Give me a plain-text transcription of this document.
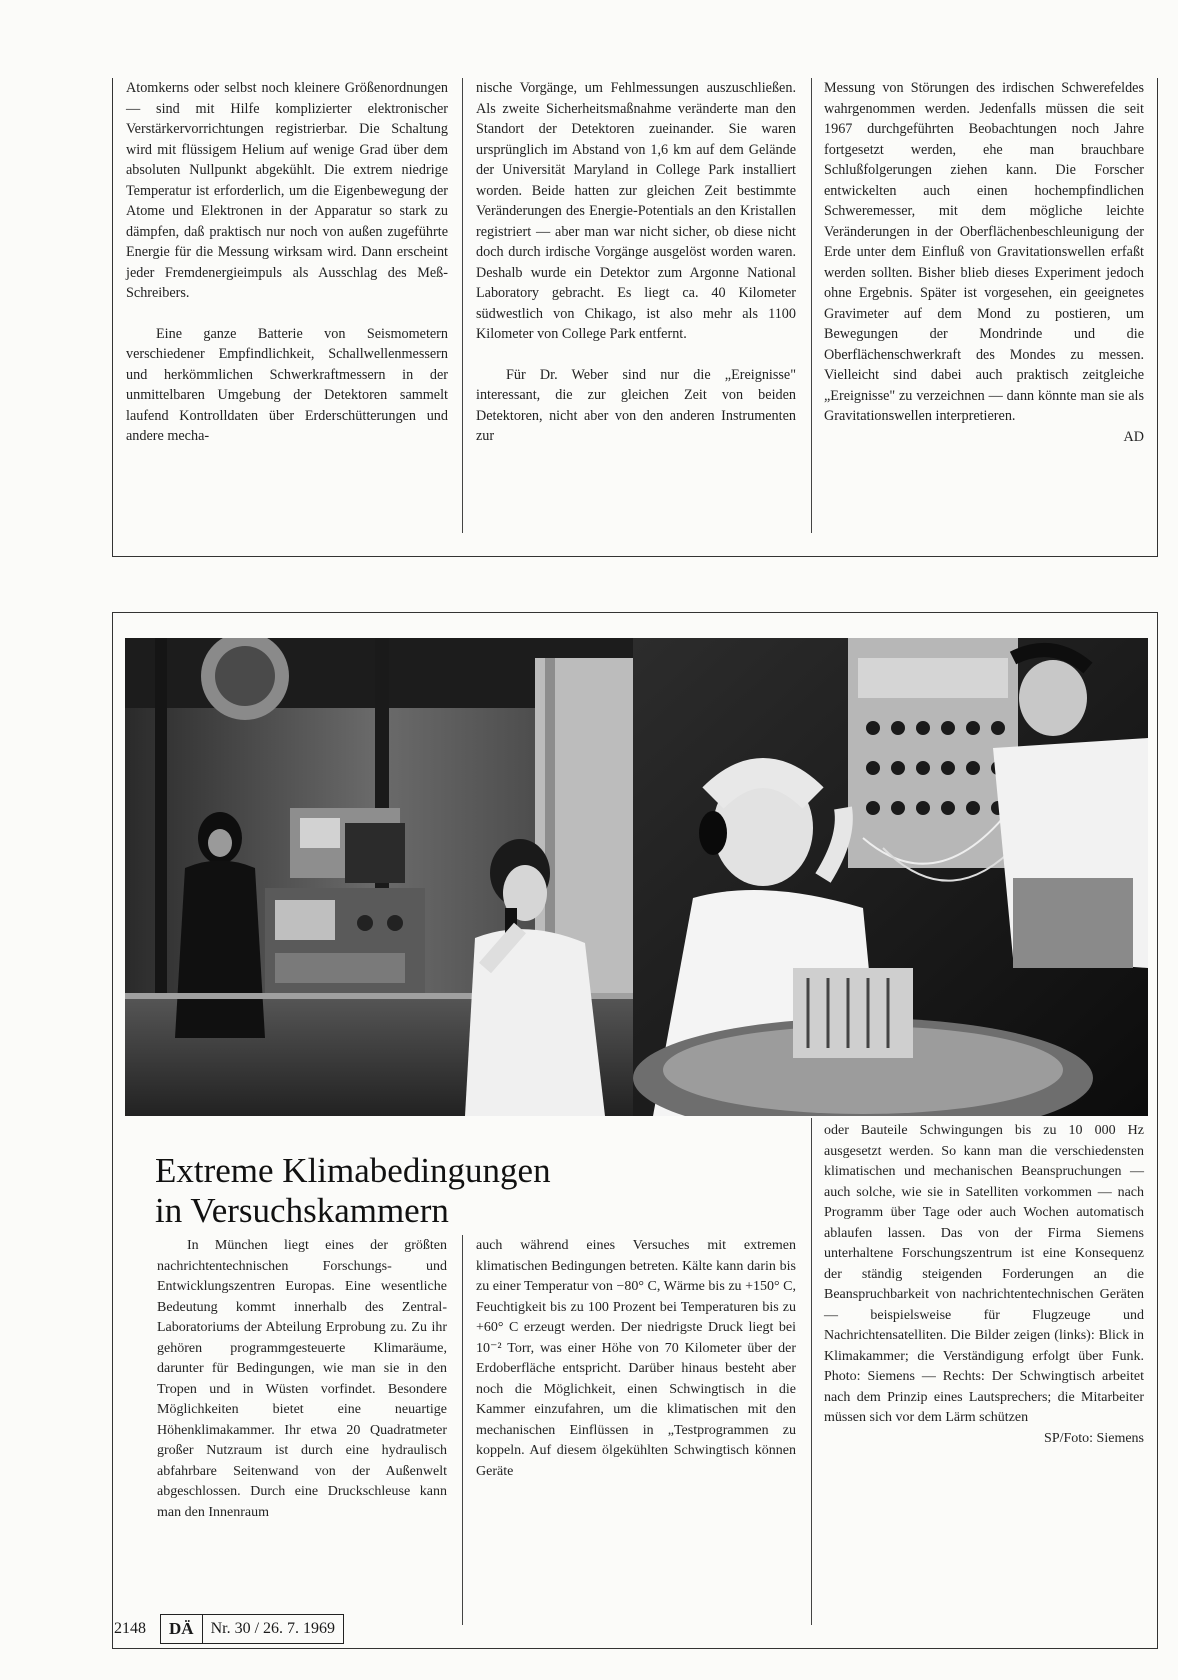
Atomkerns oder selbst noch kleinere Größenordnungen — sind mit Hilfe komplizierter elektronischer Verstärkervorrichtungen registrierbar. Die Schaltung wird mit flüssigem Helium auf wenige Grad über dem absoluten Nullpunkt abgekühlt. Die extrem niedrige Temperatur ist erforderlich, um die Eigenbewegung der Atome und Elektronen in der Apparatur so stark zu dämpfen, daß praktisch nur noch von außen zugeführte Energie für die Messung wirksam wird. Dann erscheint jeder Fremdenergieimpuls als Ausschlag des Meß-Schreibers.

Eine ganze Batterie von Seismometern verschiedener Empfindlichkeit, Schallwellenmessern und herkömmlichen Schwerkraftmessern in der unmittelbaren Umgebung der Detektoren sammelt laufend Kontrolldaten über Erderschütterungen und andere mecha-

nische Vorgänge, um Fehlmessungen auszuschließen. Als zweite Sicherheitsmaßnahme veränderte man den Standort der Detektoren zueinander. Sie waren ursprünglich im Abstand von 1,6 km auf dem Gelände der Universität Maryland in College Park installiert worden. Beide hatten zur gleichen Zeit bestimmte Veränderungen des Energie-Potentials an den Kristallen registriert — aber man war nicht sicher, ob diese nicht doch durch irdische Vorgänge ausgelöst worden waren. Deshalb wurde ein Detektor zum Argonne National Laboratory gebracht. Es liegt ca. 40 Kilometer südwestlich von Chikago, ist also mehr als 1100 Kilometer von College Park entfernt.

Für Dr. Weber sind nur die „Ereignisse" interessant, die zur gleichen Zeit von beiden Detektoren, nicht aber von den anderen Instrumenten zur

Messung von Störungen des irdischen Schwerefeldes wahrgenommen werden. Jedenfalls müssen die seit 1967 durchgeführten Beobachtungen noch Jahre fortgesetzt werden, ehe man brauchbare Schlußfolgerungen ziehen kann. Die Forscher entwickelten auch einen hochempfindlichen Schweremesser, mit dem mögliche leichte Veränderungen in der Oberflächenbeschleunigung der Erde unter dem Einfluß von Gravitationswellen erfaßt werden sollten. Bisher blieb dieses Experiment jedoch ohne Ergebnis. Später ist vorgesehen, ein geeignetes Gravimeter auf dem Mond zu postieren, um Bewegungen der Mondrinde und die Oberflächenschwerkraft des Mondes zu messen. Vielleicht sind dabei auch praktisch zeitgleiche „Ereignisse" zu verzeichnen — dann könnte man sie als Gravitationswellen interpretieren.

AD
Extreme Klimabedingungen
in Versuchskammern

In München liegt eines der größten nachrichtentechnischen Forschungs- und Entwicklungszentren Europas. Eine wesentliche Bedeutung kommt innerhalb des Zentral-Laboratoriums der Abteilung Erprobung zu. Zu ihr gehören programmgesteuerte Klimaräume, darunter für Bedingungen, wie man sie in den Tropen und in Wüsten vorfindet. Besondere Möglichkeiten bietet eine neuartige Höhenklimakammer. Ihr etwa 20 Quadratmeter großer Nutzraum ist durch eine hydraulisch abfahrbare Seitenwand von der Außenwelt abgeschlossen. Durch eine Druckschleuse kann man den Innenraum

auch während eines Versuches mit extremen klimatischen Bedingungen betreten. Kälte kann darin bis zu einer Temperatur von −80° C, Wärme bis zu +150° C, Feuchtigkeit bis zu 100 Prozent bei Temperaturen bis zu +60° C erzeugt werden. Der niedrigste Druck liegt bei 10⁻² Torr, was einer Höhe von 70 Kilometer über der Erdoberfläche entspricht. Darüber hinaus besteht aber noch die Möglichkeit, einen Schwingtisch in die Kammer einzufahren, um die klimatischen mit den mechanischen Einflüssen in „Testprogrammen zu koppeln. Auf diesem ölgekühlten Schwingtisch können Geräte

oder Bauteile Schwingungen bis zu 10 000 Hz ausgesetzt werden. So kann man die verschiedensten klimatischen und mechanischen Beanspruchungen — auch solche, wie sie in Satelliten vorkommen — nach Programm über Tage oder auch Wochen automatisch ablaufen lassen. Das von der Firma Siemens unterhaltene Forschungszentrum ist eine Konsequenz der ständig steigenden Forderungen an die Beanspruchbarkeit von nachrichtentechnischen Geräten — beispielsweise für Flugzeuge und Nachrichtensatelliten. Die Bilder zeigen (links): Blick in Klimakammer; die Verständigung erfolgt über Funk. Photo: Siemens — Rechts: Der Schwingtisch arbeitet nach dem Prinzip eines Lautsprechers; die Mitarbeiter müssen sich vor dem Lärm schützen

SP/Foto: Siemens
2148	DÄ	Nr. 30 / 26. 7. 1969
